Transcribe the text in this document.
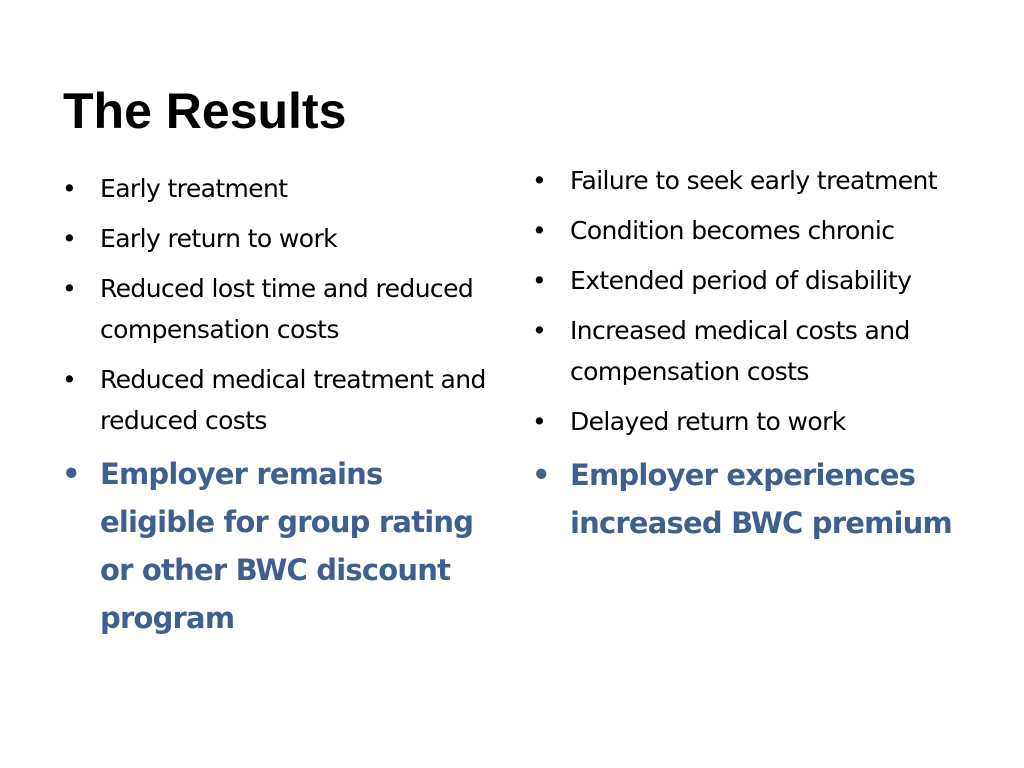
The Results
• Early treatment
• Early return to work
• Reduced lost time and reduced compensation costs
• Reduced medical treatment and reduced costs
• Employer remains eligible for group rating or other BWC discount program
• Failure to seek early treatment
• Condition becomes chronic
• Extended period of disability
• Increased medical costs and compensation costs
• Delayed return to work
• Employer experiences increased BWC premium
